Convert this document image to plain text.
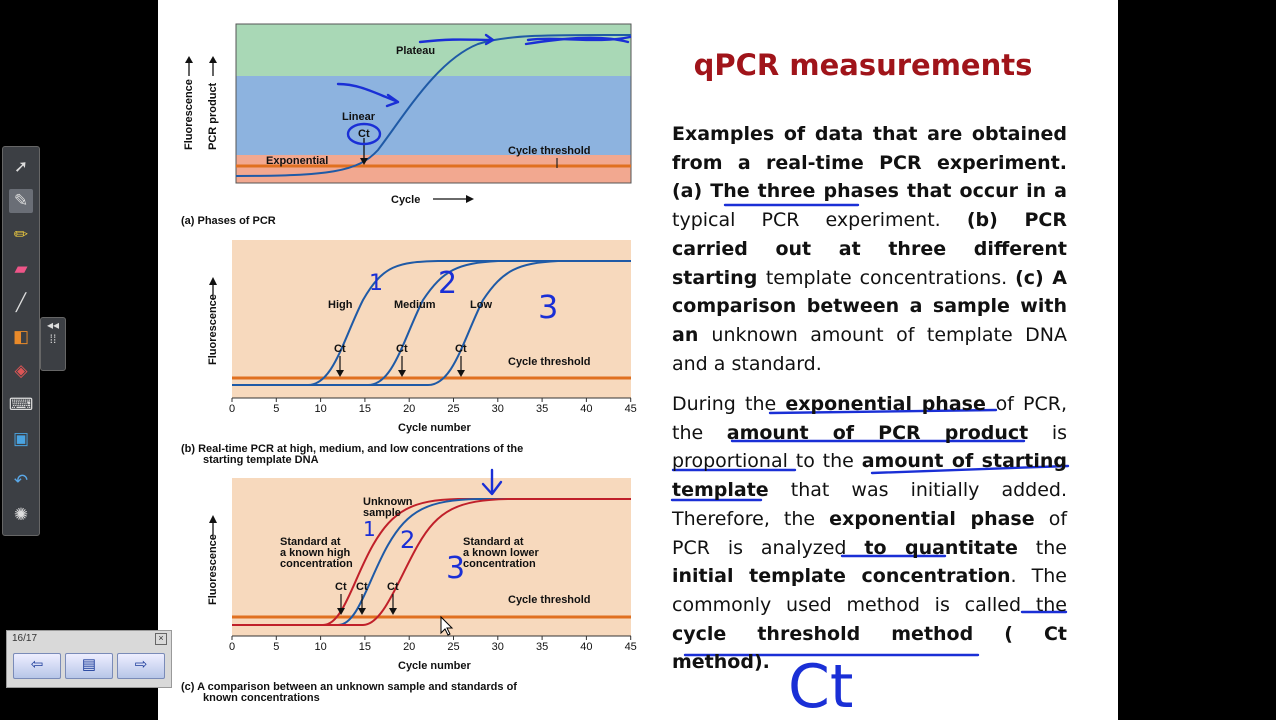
Plateau
Linear
Ct
Exponential
Cycle threshold
Fluorescence PCR product
Cycle
(a) Phases of PCR
0	5	10	15	20	25	30	35	40	45
High	Medium	Low
Cycle threshold
Ct	Ct	Ct
Fluorescence
Cycle number
(b) Real-time PCR at high, medium, and low concentrations of the
starting template DNA
0	5	10	15	20	25	30	35	40	45
Unknown
sample
Standard at
a known high
concentration
Standard at
a known lower
concentration
Cycle threshold
Ct Ct Ct
Fluorescence
Cycle number
(c) A comparison between an unknown sample and standards of
known concentrations
1 2
3
1 2
3
Ct
qPCR measurements
Examples of data that are obtained from a real-time PCR experiment. (a) The three phases that occur in a typical PCR experiment. (b) PCR carried out at three different starting template concentrations. (c) A comparison between a sample with an unknown amount of template DNA and a standard.
During the exponential phase of PCR, the amount of PCR product is proportional to the amount of starting template that was initially added. Therefore, the exponential phase of PCR is analyzed to quantitate the initial template concentration. The commonly used method is called the cycle threshold method ( Ct method).
➚
✎
✏
▰
╱
◧
◈
⌨
▣
↶
✺
◂◂
⁞⁞
16/17	×
⇦	▤	⇨
